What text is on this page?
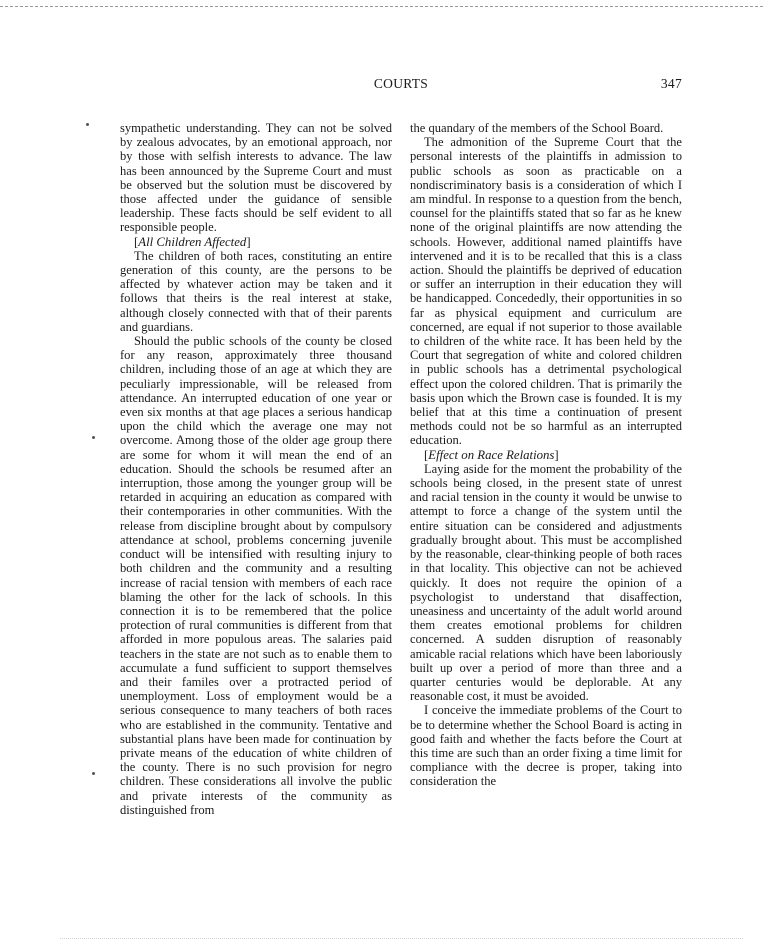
COURTS	347

sympathetic understanding. They can not be solved by zealous advocates, by an emotional approach, nor by those with selfish interests to advance. The law has been announced by the Supreme Court and must be observed but the solution must be discovered by those affected under the guidance of sensible leadership. These facts should be self evident to all responsible people.

[All Children Affected]

The children of both races, constituting an entire generation of this county, are the persons to be affected by whatever action may be taken and it follows that theirs is the real interest at stake, although closely connected with that of their parents and guardians.

Should the public schools of the county be closed for any reason, approximately three thousand children, including those of an age at which they are peculiarly impressionable, will be released from attendance. An interrupted education of one year or even six months at that age places a serious handicap upon the child which the average one may not overcome. Among those of the older age group there are some for whom it will mean the end of an education. Should the schools be resumed after an interruption, those among the younger group will be retarded in acquiring an education as compared with their contemporaries in other communities. With the release from discipline brought about by compulsory attendance at school, problems concerning juvenile conduct will be intensified with resulting injury to both children and the community and a resulting increase of racial tension with members of each race blaming the other for the lack of schools. In this connection it is to be remembered that the police protection of rural communities is different from that afforded in more populous areas. The salaries paid teachers in the state are not such as to enable them to accumulate a fund sufficient to support themselves and their familes over a protracted period of unemployment. Loss of employment would be a serious consequence to many teachers of both races who are established in the community. Tentative and substantial plans have been made for continuation by private means of the education of white children of the county. There is no such provision for negro children. These considerations all involve the public and private interests of the community as distinguished from

the quandary of the members of the School Board.

The admonition of the Supreme Court that the personal interests of the plaintiffs in admission to public schools as soon as practicable on a nondiscriminatory basis is a consideration of which I am mindful. In response to a question from the bench, counsel for the plaintiffs stated that so far as he knew none of the original plaintiffs are now attending the schools. However, additional named plaintiffs have intervened and it is to be recalled that this is a class action. Should the plaintiffs be deprived of education or suffer an interruption in their education they will be handicapped. Concededly, their opportunities in so far as physical equipment and curriculum are concerned, are equal if not superior to those available to children of the white race. It has been held by the Court that segregation of white and colored children in public schools has a detrimental psychological effect upon the colored children. That is primarily the basis upon which the Brown case is founded. It is my belief that at this time a continuation of present methods could not be so harmful as an interrupted education.

[Effect on Race Relations]

Laying aside for the moment the probability of the schools being closed, in the present state of unrest and racial tension in the county it would be unwise to attempt to force a change of the system until the entire situation can be considered and adjustments gradually brought about. This must be accomplished by the reasonable, clear-thinking people of both races in that locality. This objective can not be achieved quickly. It does not require the opinion of a psychologist to understand that disaffection, uneasiness and uncertainty of the adult world around them creates emotional problems for children concerned. A sudden disruption of reasonably amicable racial relations which have been laboriously built up over a period of more than three and a quarter centuries would be deplorable. At any reasonable cost, it must be avoided.

I conceive the immediate problems of the Court to be to determine whether the School Board is acting in good faith and whether the facts before the Court at this time are such than an order fixing a time limit for compliance with the decree is proper, taking into consideration the
